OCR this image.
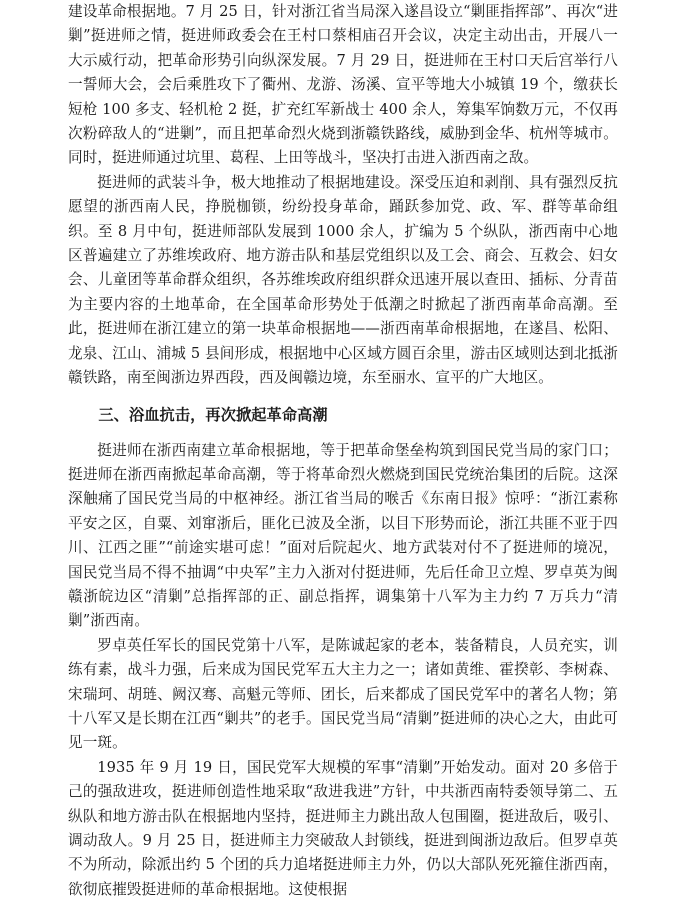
建设革命根据地。7 月 25 日，针对浙江省当局深入遂昌设立“剿匪指挥部”、再次“进剿”挺进师之情，挺进师政委会在王村口蔡相庙召开会议，决定主动出击，开展八一大示威行动，把革命形势引向纵深发展。7 月 29 日，挺进师在王村口天后宫举行八一誓师大会，会后乘胜攻下了衢州、龙游、汤溪、宣平等地大小城镇 19 个，缴获长短枪 100 多支、轻机枪 2 挺，扩充红军新战士 400 余人，筹集军饷数万元，不仅再次粉碎敌人的“进剿”，而且把革命烈火烧到浙赣铁路线，威胁到金华、杭州等城市。同时，挺进师通过坑里、葛程、上田等战斗，坚决打击进入浙西南之敌。

挺进师的武装斗争，极大地推动了根据地建设。深受压迫和剥削、具有强烈反抗愿望的浙西南人民，挣脱枷锁，纷纷投身革命，踊跃参加党、政、军、群等革命组织。至 8 月中旬，挺进师部队发展到 1000 余人，扩编为 5 个纵队，浙西南中心地区普遍建立了苏维埃政府、地方游击队和基层党组织以及工会、商会、互救会、妇女会、儿童团等革命群众组织，各苏维埃政府组织群众迅速开展以查田、插标、分青苗为主要内容的土地革命，在全国革命形势处于低潮之时掀起了浙西南革命高潮。至此，挺进师在浙江建立的第一块革命根据地——浙西南革命根据地，在遂昌、松阳、龙泉、江山、浦城 5 县间形成，根据地中心区域方圆百余里，游击区域则达到北抵浙赣铁路，南至闽浙边界西段，西及闽赣边境，东至丽水、宣平的广大地区。

三、浴血抗击，再次掀起革命高潮

挺进师在浙西南建立革命根据地，等于把革命堡垒构筑到国民党当局的家门口；挺进师在浙西南掀起革命高潮，等于将革命烈火燃烧到国民党统治集团的后院。这深深触痛了国民党当局的中枢神经。浙江省当局的喉舌《东南日报》惊呼：“浙江素称平安之区，自粟、刘窜浙后，匪化已波及全浙，以目下形势而论，浙江共匪不亚于四川、江西之匪”“前途实堪可虑！”面对后院起火、地方武装对付不了挺进师的境况，国民党当局不得不抽调“中央军”主力入浙对付挺进师，先后任命卫立煌、罗卓英为闽赣浙皖边区“清剿”总指挥部的正、副总指挥，调集第十八军为主力约 7 万兵力“清剿”浙西南。

罗卓英任军长的国民党第十八军，是陈诚起家的老本，装备精良，人员充实，训练有素，战斗力强，后来成为国民党军五大主力之一；诸如黄维、霍揆彰、李树森、宋瑞珂、胡琏、阙汉骞、高魁元等师、团长，后来都成了国民党军中的著名人物；第十八军又是长期在江西“剿共”的老手。国民党当局“清剿”挺进师的决心之大，由此可见一斑。

1935 年 9 月 19 日，国民党军大规模的军事“清剿”开始发动。面对 20 多倍于己的强敌进攻，挺进师创造性地采取“敌进我进”方针，中共浙西南特委领导第二、五纵队和地方游击队在根据地内坚持，挺进师主力跳出敌人包围圈，挺进敌后，吸引、调动敌人。9 月 25 日，挺进师主力突破敌人封锁线，挺进到闽浙边敌后。但罗卓英不为所动，除派出约 5 个团的兵力追堵挺进师主力外，仍以大部队死死箍住浙西南，欲彻底摧毁挺进师的革命根据地。这使根据
